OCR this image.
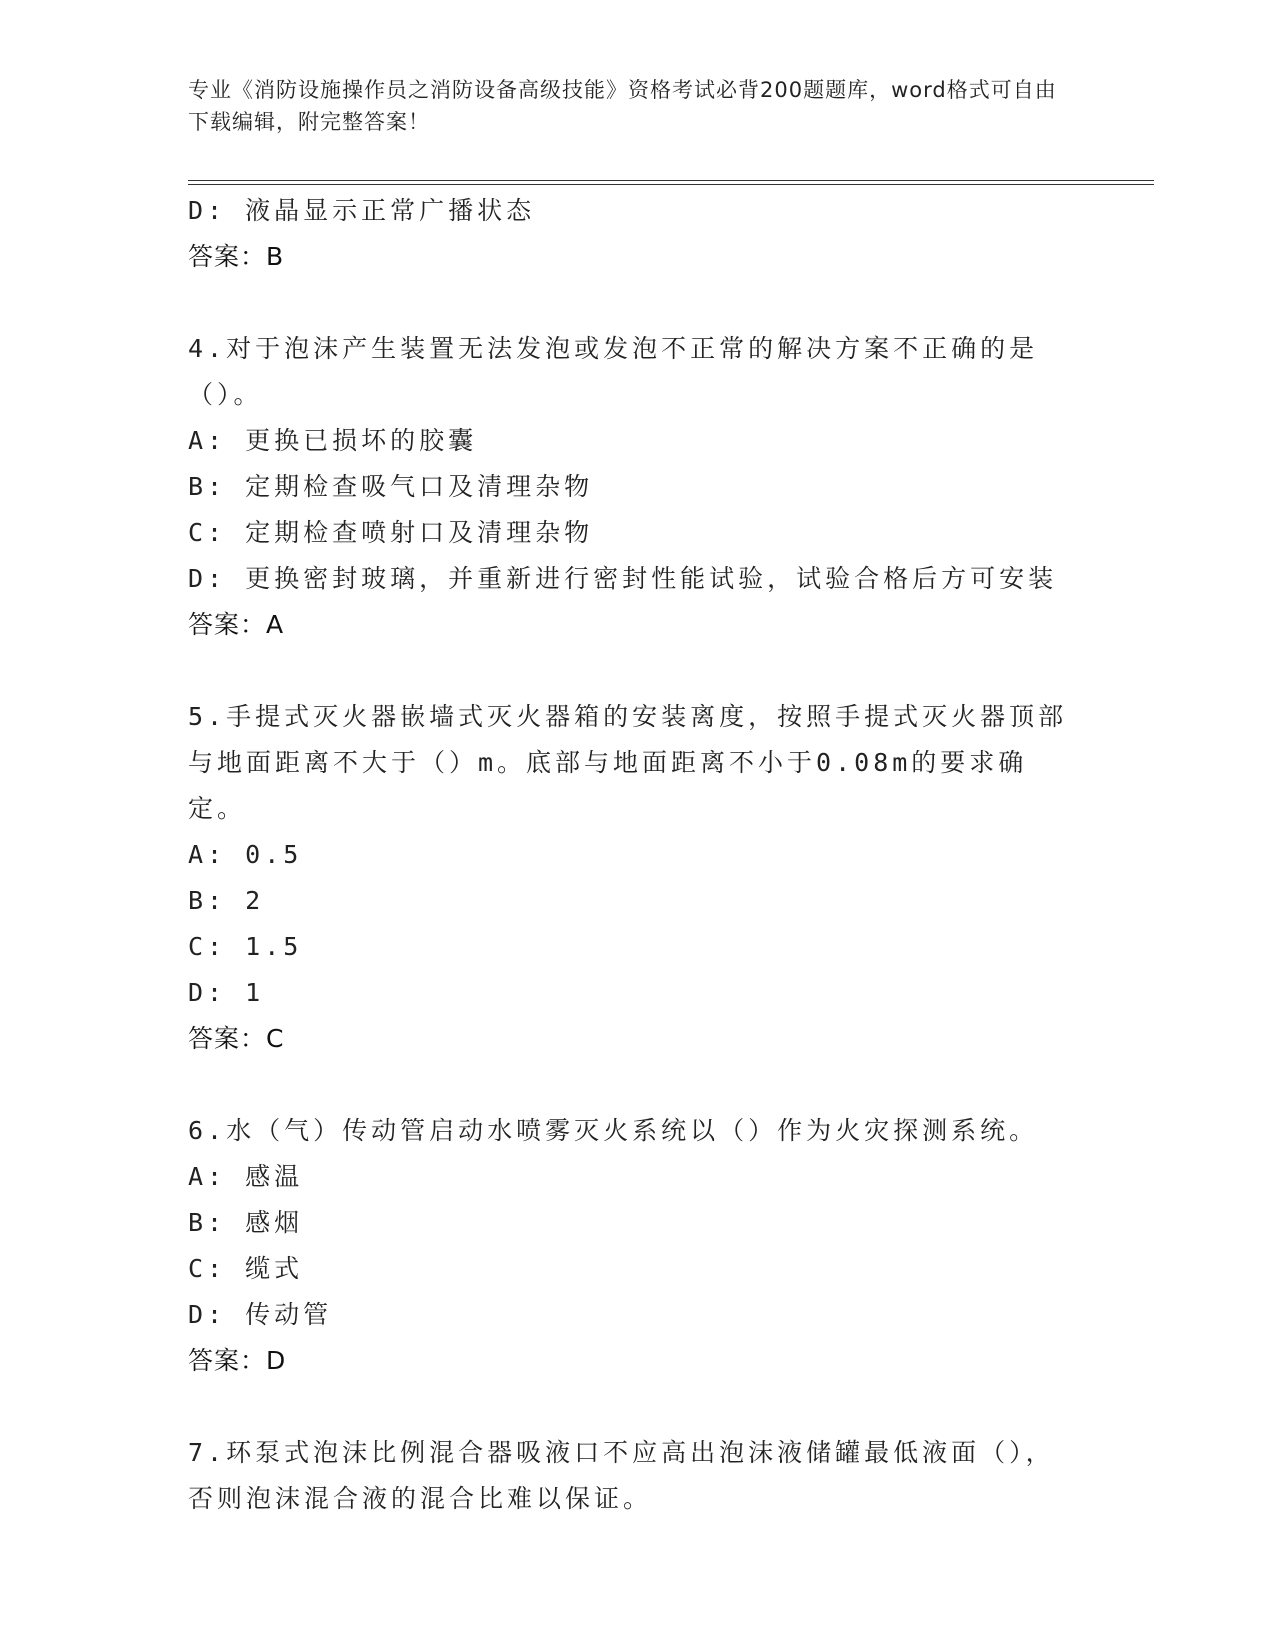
专业《消防设施操作员之消防设备高级技能》资格考试必背200题题库，word格式可自由下载编辑，附完整答案！
D: 液晶显示正常广播状态
答案：B
4.对于泡沫产生装置无法发泡或发泡不正常的解决方案不正确的是（）。
A: 更换已损坏的胶囊
B: 定期检查吸气口及清理杂物
C: 定期检查喷射口及清理杂物
D: 更换密封玻璃，并重新进行密封性能试验，试验合格后方可安装
答案：A
5.手提式灭火器嵌墙式灭火器箱的安装离度，按照手提式灭火器顶部与地面距离不大于（）m。底部与地面距离不小于0.08m的要求确定。
A: 0.5
B: 2
C: 1.5
D: 1
答案：C
6.水（气）传动管启动水喷雾灭火系统以（）作为火灾探测系统。
A: 感温
B: 感烟
C: 缆式
D: 传动管
答案：D
7.环泵式泡沫比例混合器吸液口不应高出泡沫液储罐最低液面（），否则泡沫混合液的混合比难以保证。
